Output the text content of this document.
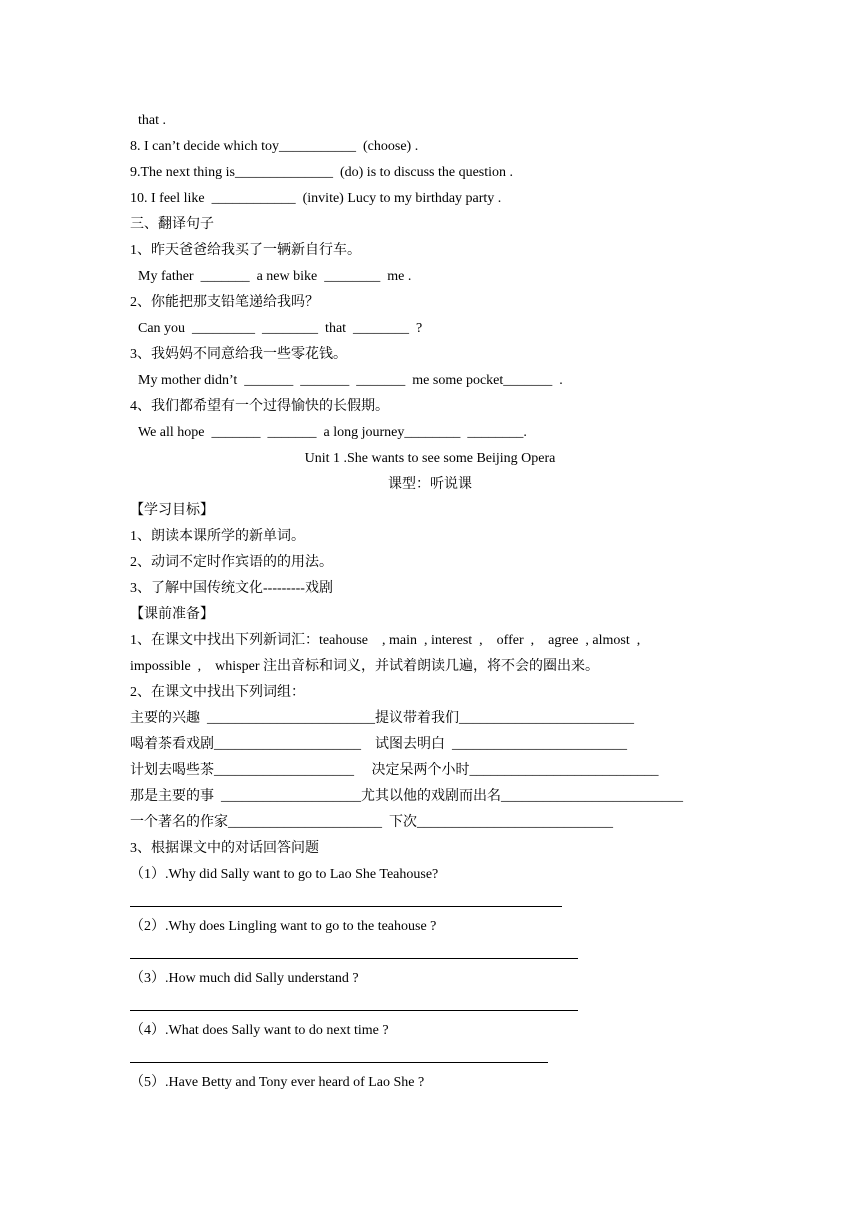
that .
8. I can’t decide which toy___________  (choose) .
9.The next thing is______________  (do) is to discuss the question .
10. I feel like  ____________  (invite) Lucy to my birthday party .
三、翻译句子
1、昨天爸爸给我买了一辆新自行车。
My father  _______  a new bike  ________  me .
2、你能把那支铅笔递给我吗？
Can you  _________  ________  that  ________  ?
3、我妈妈不同意给我一些零花钱。
My mother didn’t  _______  _______  _______  me some pocket_______  .
4、我们都希望有一个过得愉快的长假期。
We all hope  _______  _______  a long journey________  ________.
Unit 1 .She wants to see some Beijing Opera
课型：听说课
【学习目标】
1、朗读本课所学的新单词。
2、动词不定时作宾语的的用法。
3、了解中国传统文化---------戏剧
【课前准备】
1、在课文中找出下列新词汇：teahouse    , main  , interest  ,    offer  ,    agree  , almost  ,
impossible  ,    whisper 注出音标和词义，并试着朗读几遍，将不会的圈出来。
2、在课文中找出下列词组：
主要的兴趣  ________________________提议带着我们_________________________
喝着茶看戏剧_____________________    试图去明白  _________________________
计划去喝些茶____________________     决定呆两个小时___________________________
那是主要的事  ____________________尤其以他的戏剧而出名__________________________
一个著名的作家______________________  下次____________________________
3、根据课文中的对话回答问题
（1）.Why did Sally want to go to Lao She Teahouse?
（2）.Why does Lingling want to go to the teahouse ?
（3）.How much did Sally understand ?
（4）.What does Sally want to do next time ?
（5）.Have Betty and Tony ever heard of Lao She ?
